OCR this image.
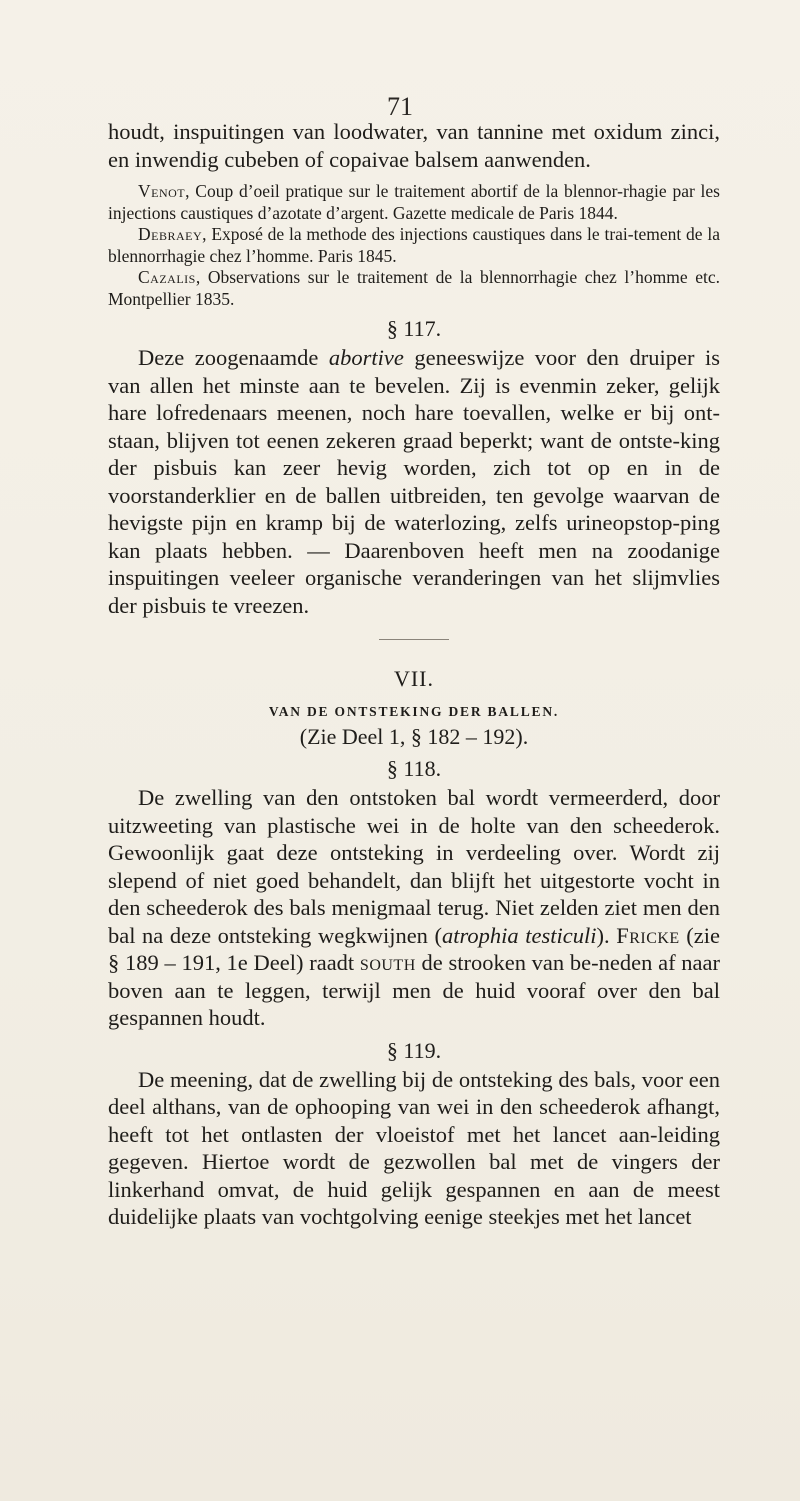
71

houdt, inspuitingen van loodwater, van tannine met oxidum zinci, en inwendig cubeben of copaivae balsem aanwenden.

Venot, Coup d’oeil pratique sur le traitement abortif de la blennor-rhagie par les injections caustiques d’azotate d’argent. Gazette medicale de Paris 1844.

Debraey, Exposé de la methode des injections caustiques dans le trai-tement de la blennorrhagie chez l’homme. Paris 1845.

Cazalis, Observations sur le traitement de la blennorrhagie chez l’homme etc. Montpellier 1835.

§ 117.

Deze zoogenaamde abortive geneeswijze voor den druiper is van allen het minste aan te bevelen. Zij is evenmin zeker, gelijk hare lofredenaars meenen, noch hare toevallen, welke er bij ont-staan, blijven tot eenen zekeren graad beperkt; want de ontste-king der pisbuis kan zeer hevig worden, zich tot op en in de voorstanderklier en de ballen uitbreiden, ten gevolge waarvan de hevigste pijn en kramp bij de waterlozing, zelfs urineopstop-ping kan plaats hebben. — Daarenboven heeft men na zoodanige inspuitingen veeleer organische veranderingen van het slijmvlies der pisbuis te vreezen.

VII.
VAN DE ONTSTEKING DER BALLEN.
(Zie Deel 1, § 182 – 192).
§ 118.

De zwelling van den ontstoken bal wordt vermeerderd, door uitzweeting van plastische wei in de holte van den scheederok. Gewoonlijk gaat deze ontsteking in verdeeling over. Wordt zij slepend of niet goed behandelt, dan blijft het uitgestorte vocht in den scheederok des bals menigmaal terug. Niet zelden ziet men den bal na deze ontsteking wegkwijnen (atrophia testiculi). Fricke (zie § 189 – 191, 1e Deel) raadt south de strooken van be-neden af naar boven aan te leggen, terwijl men de huid vooraf over den bal gespannen houdt.

§ 119.

De meening, dat de zwelling bij de ontsteking des bals, voor een deel althans, van de ophooping van wei in den scheederok afhangt, heeft tot het ontlasten der vloeistof met het lancet aan-leiding gegeven. Hiertoe wordt de gezwollen bal met de vingers der linkerhand omvat, de huid gelijk gespannen en aan de meest duidelijke plaats van vochtgolving eenige steekjes met het lancet
